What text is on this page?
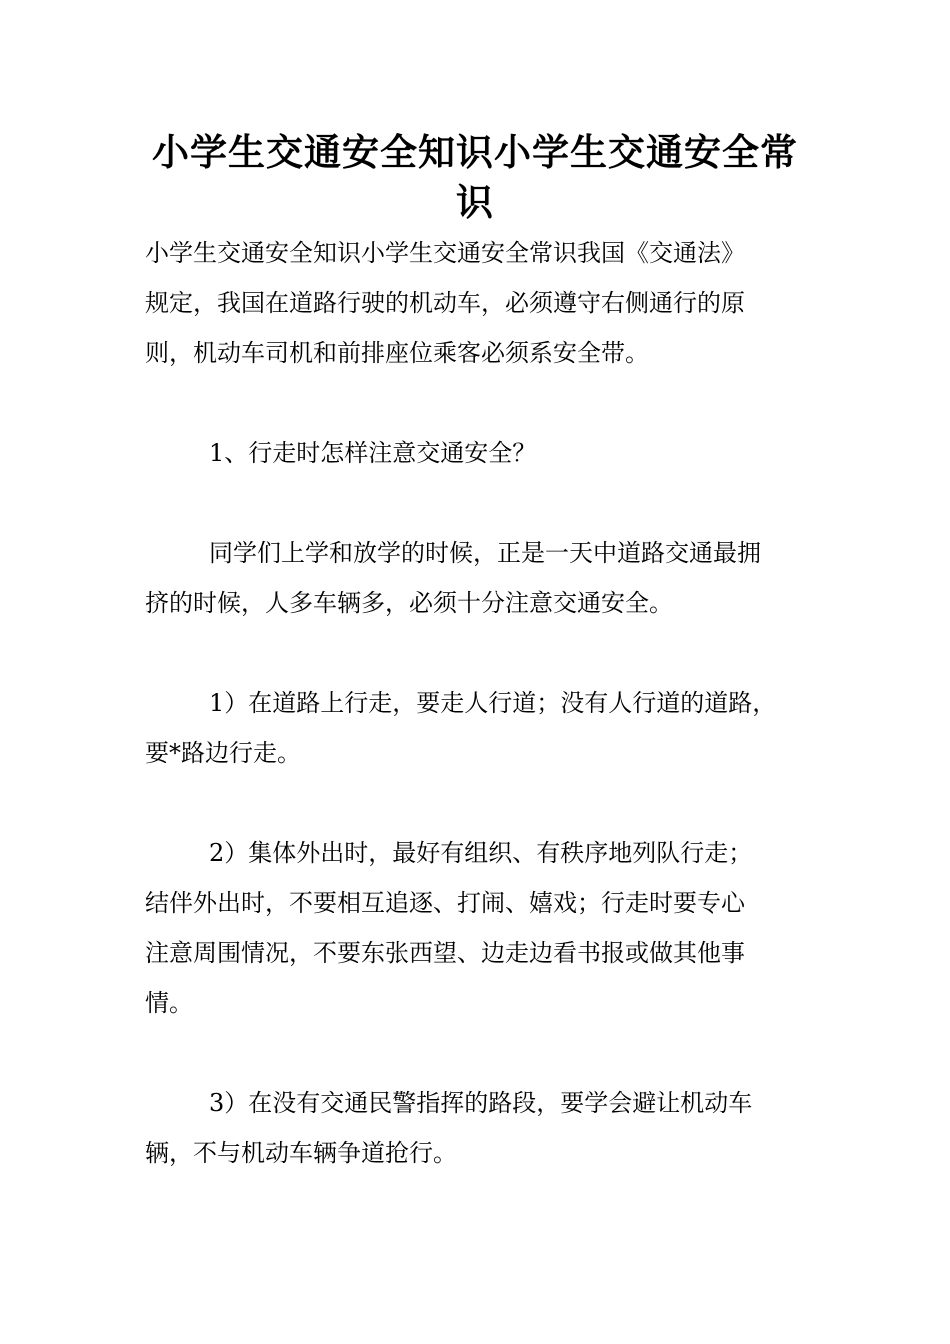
小学生交通安全知识小学生交通安全常
识

小学生交通安全知识小学生交通安全常识我国《交通法》
规定，我国在道路行驶的机动车，必须遵守右侧通行的原
则，机动车司机和前排座位乘客必须系安全带。

1、行走时怎样注意交通安全？

同学们上学和放学的时候，正是一天中道路交通最拥
挤的时候，人多车辆多，必须十分注意交通安全。

1）在道路上行走，要走人行道；没有人行道的道路，
要*路边行走。

2）集体外出时，最好有组织、有秩序地列队行走；
结伴外出时，不要相互追逐、打闹、嬉戏；行走时要专心
注意周围情况，不要东张西望、边走边看书报或做其他事
情。

3）在没有交通民警指挥的路段，要学会避让机动车
辆，不与机动车辆争道抢行。
